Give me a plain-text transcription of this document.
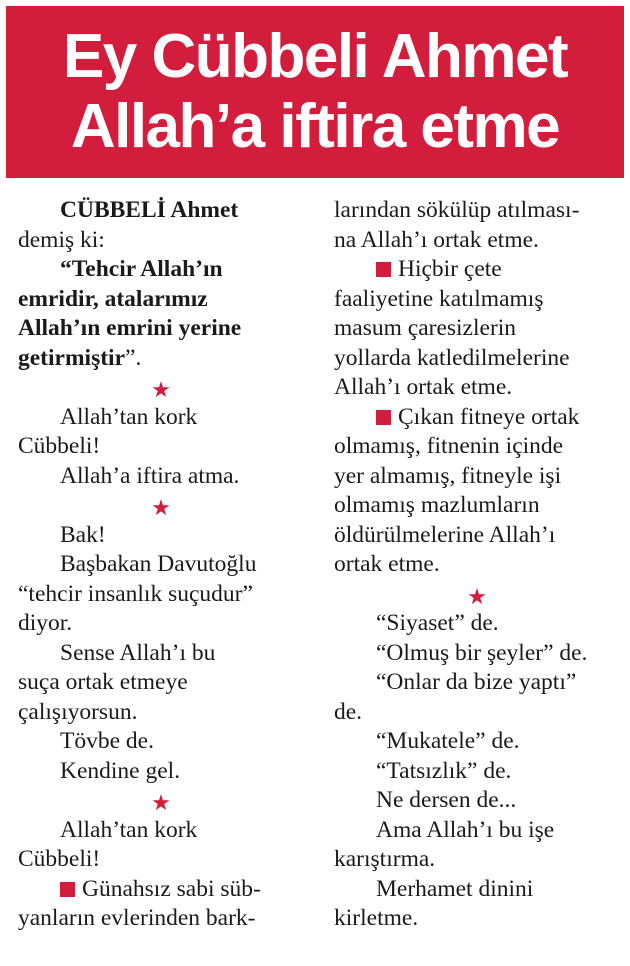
Ey Cübbeli Ahmet
Allah’a iftira etme
CÜBBELİ Ahmet
demiş ki:
“Tehcir Allah’ın
emridir, atalarımız
Allah’ın emrini yerine
getirmiştir”.
★
Allah’tan kork
Cübbeli!
Allah’a iftira atma.
★
Bak!
Başbakan Davutoğlu
“tehcir insanlık suçudur”
diyor.
Sense Allah’ı bu
suça ortak etmeye
çalışıyorsun.
Tövbe de.
Kendine gel.
★
Allah’tan kork
Cübbeli!
Günahsız sabi süb-
yanların evlerinden bark-
larından sökülüp atılması-
na Allah’ı ortak etme.
Hiçbir çete
faaliyetine katılmamış
masum çaresizlerin
yollarda katledilmelerine
Allah’ı ortak etme.
Çıkan fitneye ortak
olmamış, fitnenin içinde
yer almamış, fitneyle işi
olmamış mazlumların
öldürülmelerine Allah’ı
ortak etme.
★
“Siyaset” de.
“Olmuş bir şeyler” de.
“Onlar da bize yaptı”
de.
“Mukatele” de.
“Tatsızlık” de.
Ne dersen de...
Ama Allah’ı bu işe
karıştırma.
Merhamet dinini
kirletme.
